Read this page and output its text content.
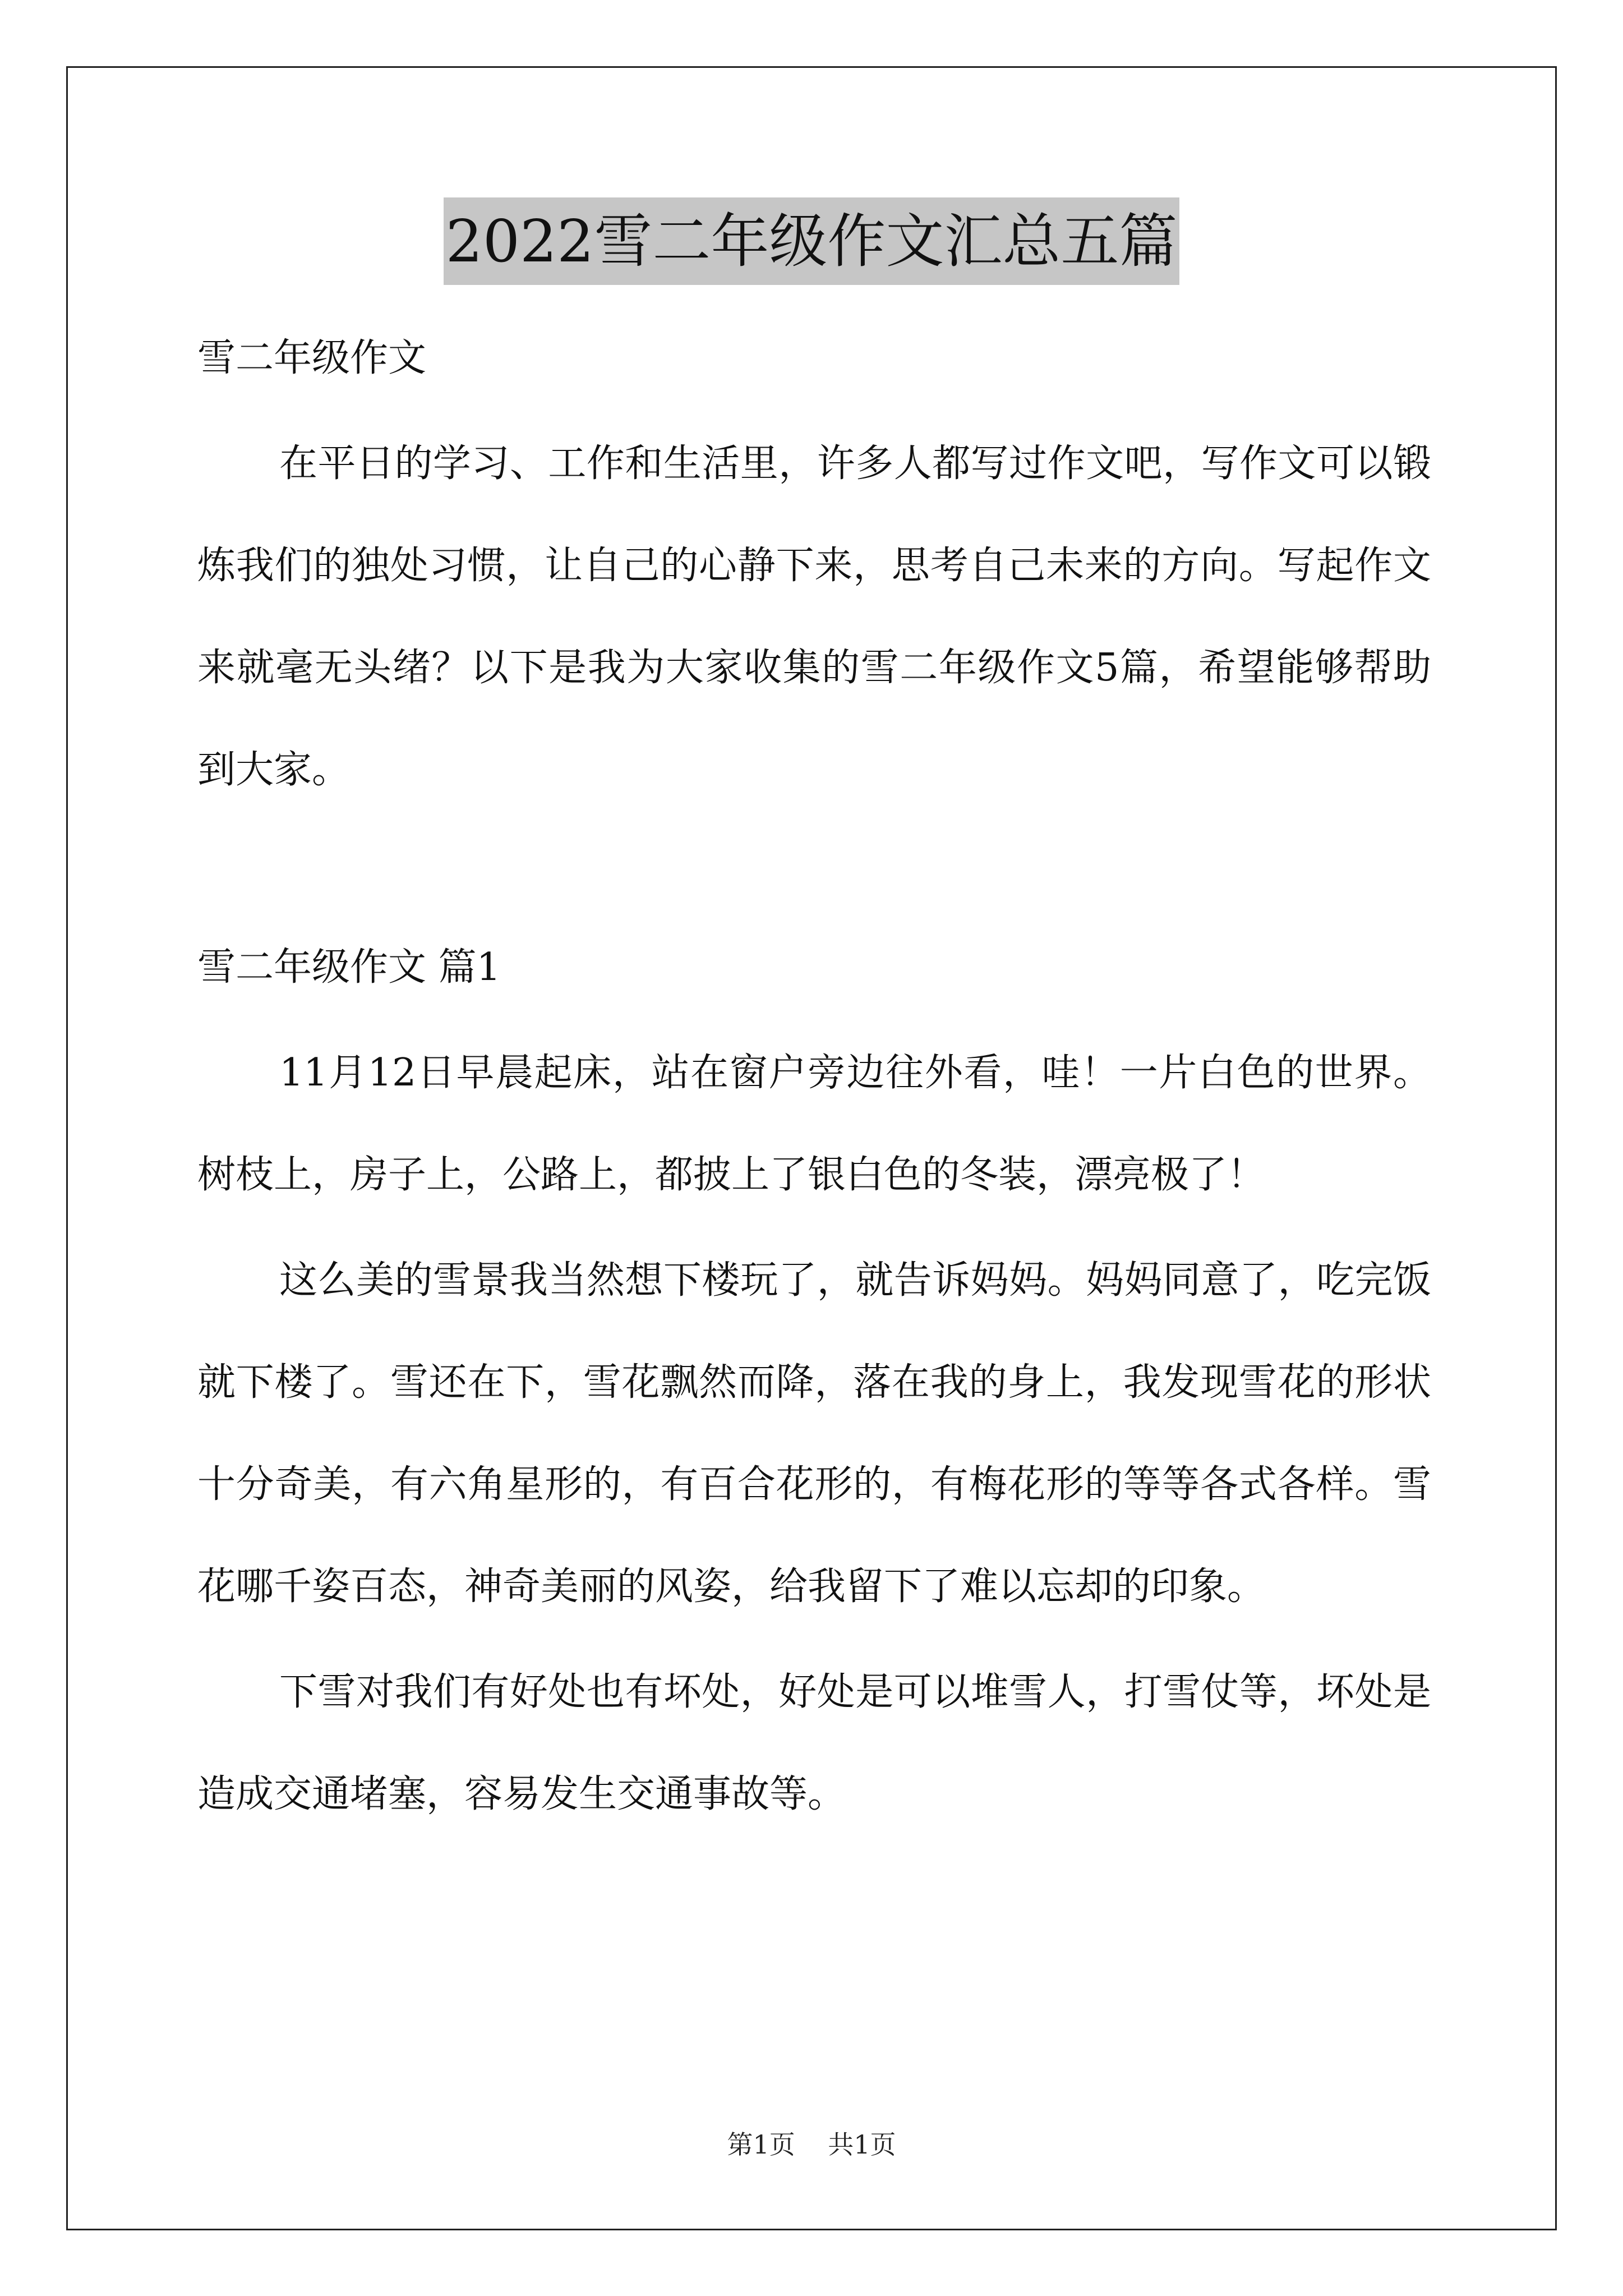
2022雪二年级作文汇总五篇

雪二年级作文

在平日的学习、工作和生活里，许多人都写过作文吧，写作文可以锻炼我们的独处习惯，让自己的心静下来，思考自己未来的方向。写起作文来就毫无头绪？以下是我为大家收集的雪二年级作文5篇，希望能够帮助到大家。

雪二年级作文 篇1

11月12日早晨起床，站在窗户旁边往外看，哇！一片白色的世界。树枝上，房子上，公路上，都披上了银白色的冬装，漂亮极了！

这么美的雪景我当然想下楼玩了，就告诉妈妈。妈妈同意了，吃完饭就下楼了。雪还在下，雪花飘然而降，落在我的身上，我发现雪花的形状十分奇美，有六角星形的，有百合花形的，有梅花形的等等各式各样。雪花哪千姿百态，神奇美丽的风姿，给我留下了难以忘却的印象。

下雪对我们有好处也有坏处，好处是可以堆雪人，打雪仗等，坏处是造成交通堵塞，容易发生交通事故等。

第1页 共1页
